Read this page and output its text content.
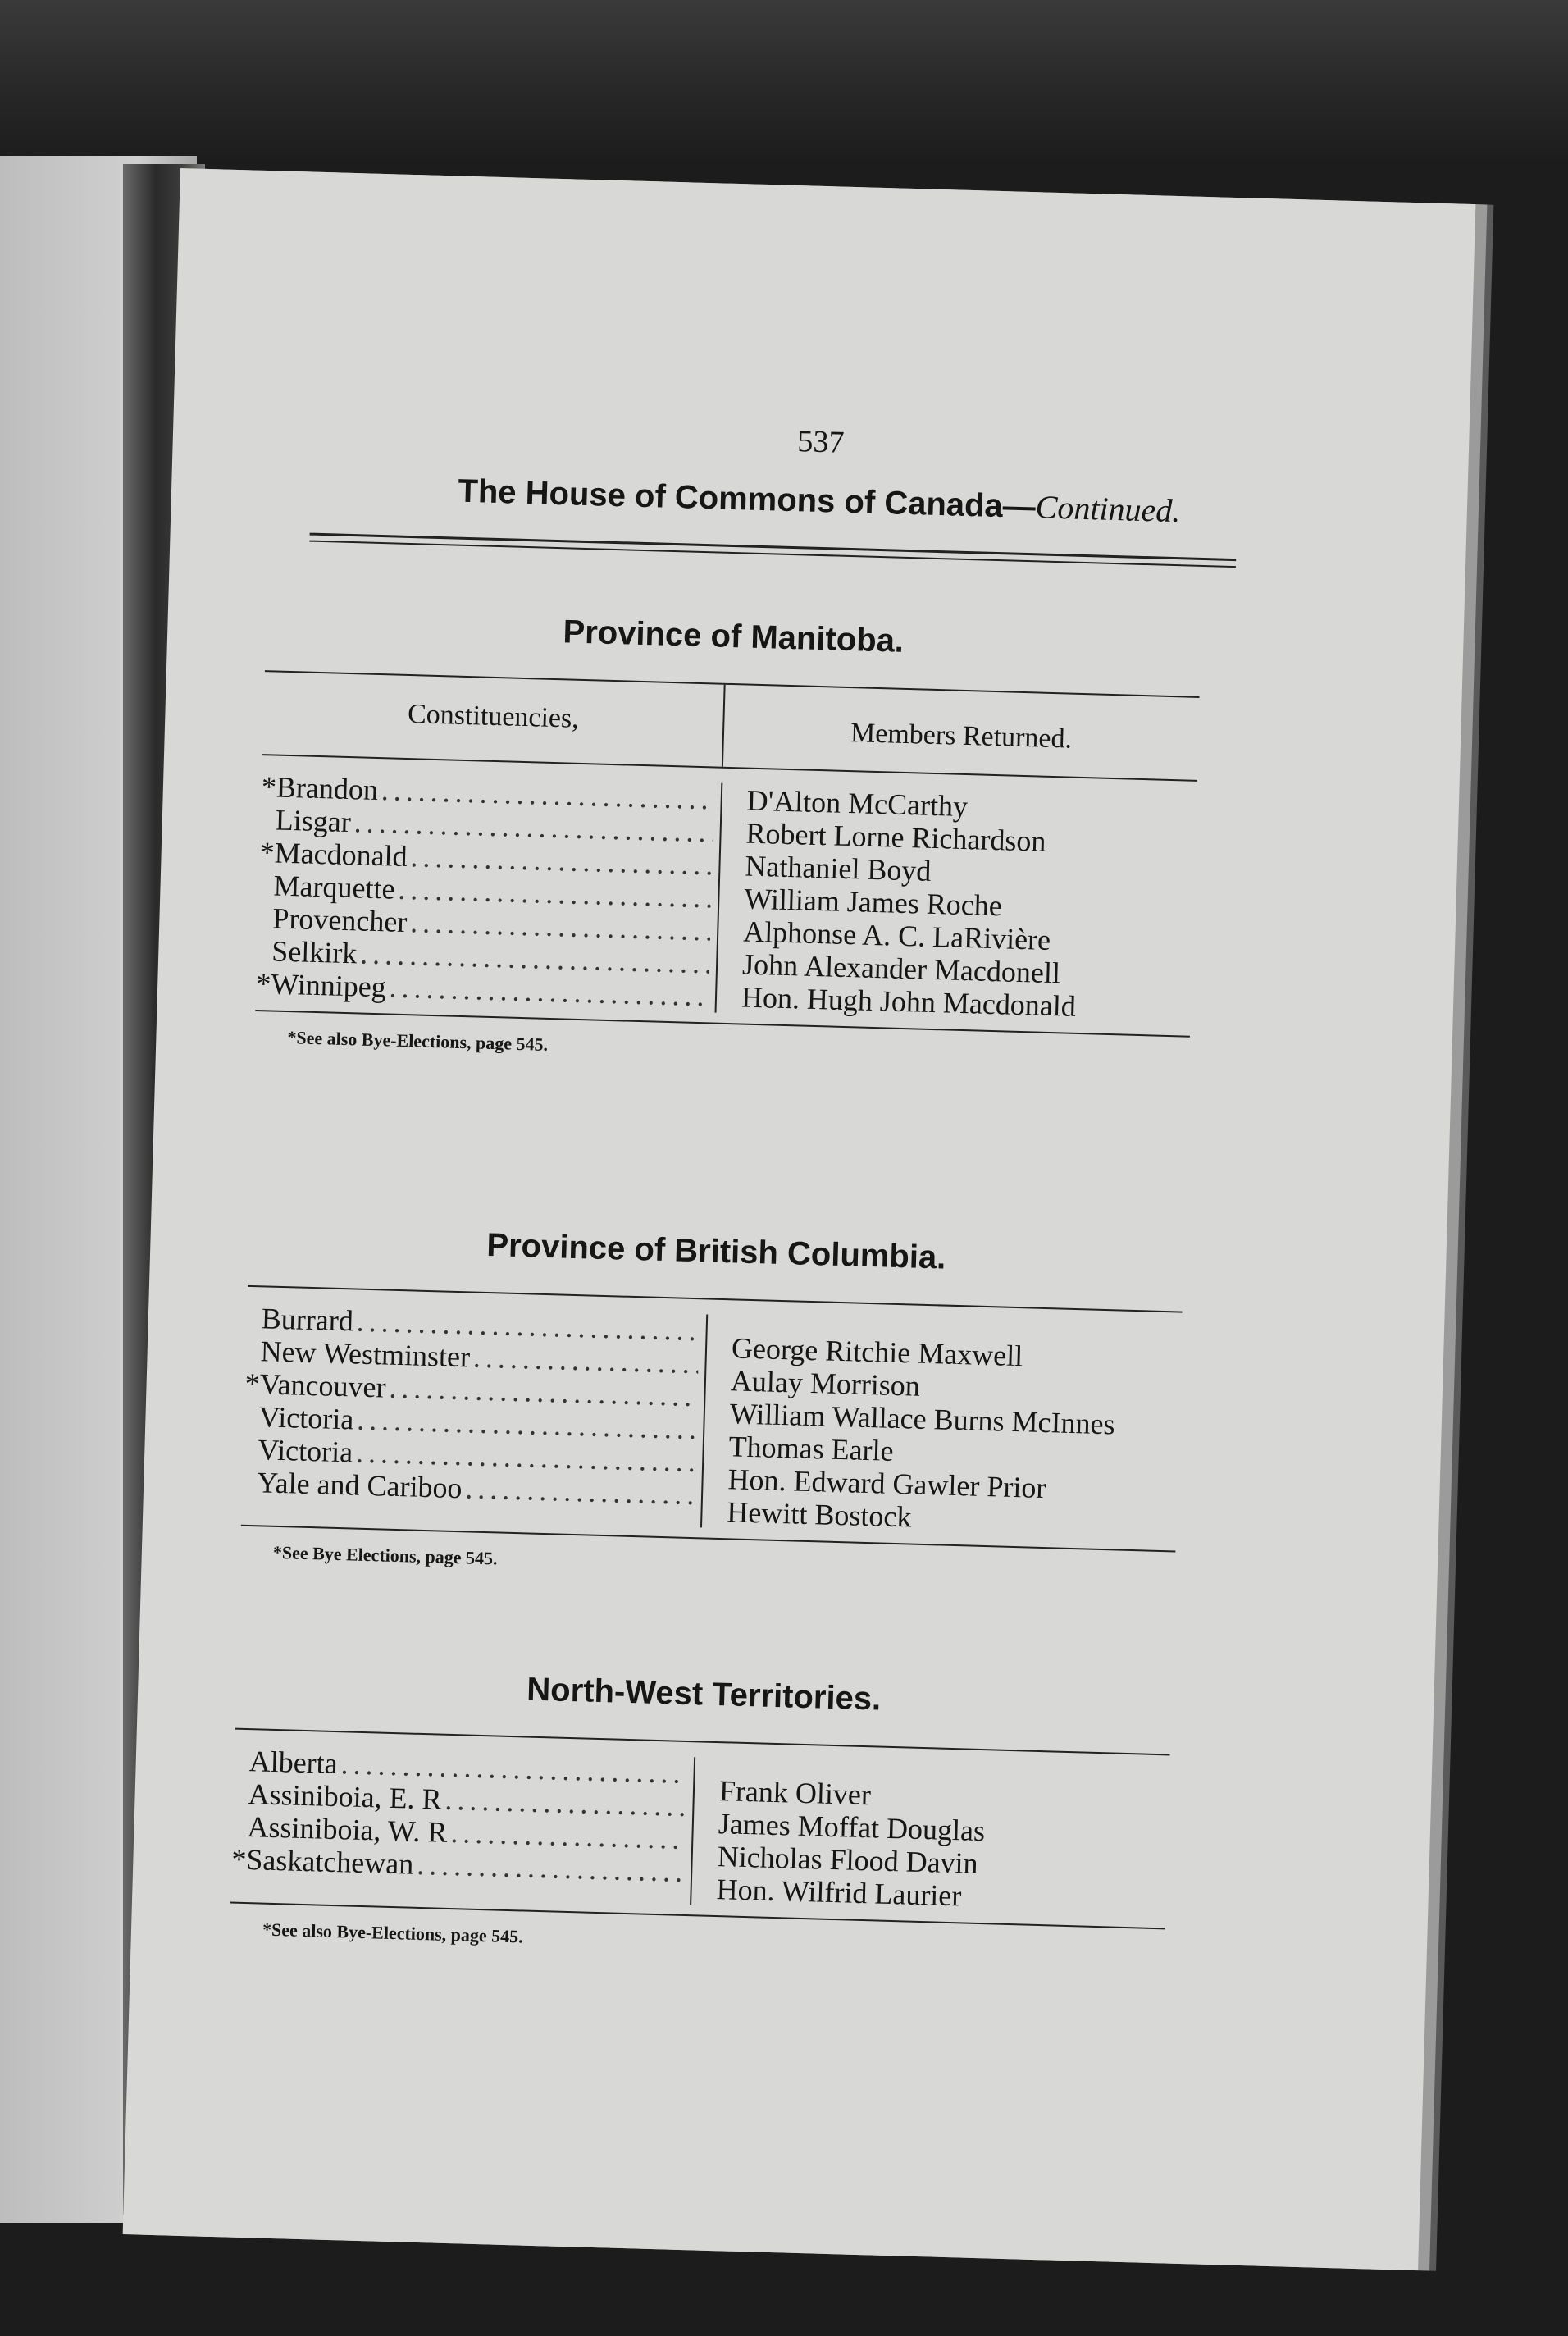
537
The House of Commons of Canada—Continued.
Province of Manitoba.
Constituencies,
Members Returned.
*Brandon
.....
Lisgar
.....
*Macdonald
.....
Marquette
.....
Provencher
.....
Selkirk
.....
*Winnipeg
.....
D'Alton McCarthy
Robert Lorne Richardson
Nathaniel Boyd
William James Roche
Alphonse A. C. LaRivière
John Alexander Macdonell
Hon. Hugh John Macdonald
*See also Bye-Elections, page 545.
Province of British Columbia.
Burrard
.....
New Westminster
.....
*Vancouver
.....
Victoria
.....
Victoria
.....
Yale and Cariboo
.....
George Ritchie Maxwell
Aulay Morrison
William Wallace Burns McInnes
Thomas Earle
Hon. Edward Gawler Prior
Hewitt Bostock
*See Bye Elections, page 545.
North-West Territories.
Alberta
.....
Assiniboia, E. R
.....
Assiniboia, W. R
.....
*Saskatchewan
.....
Frank Oliver
James Moffat Douglas
Nicholas Flood Davin
Hon. Wilfrid Laurier
*See also Bye-Elections, page 545.
